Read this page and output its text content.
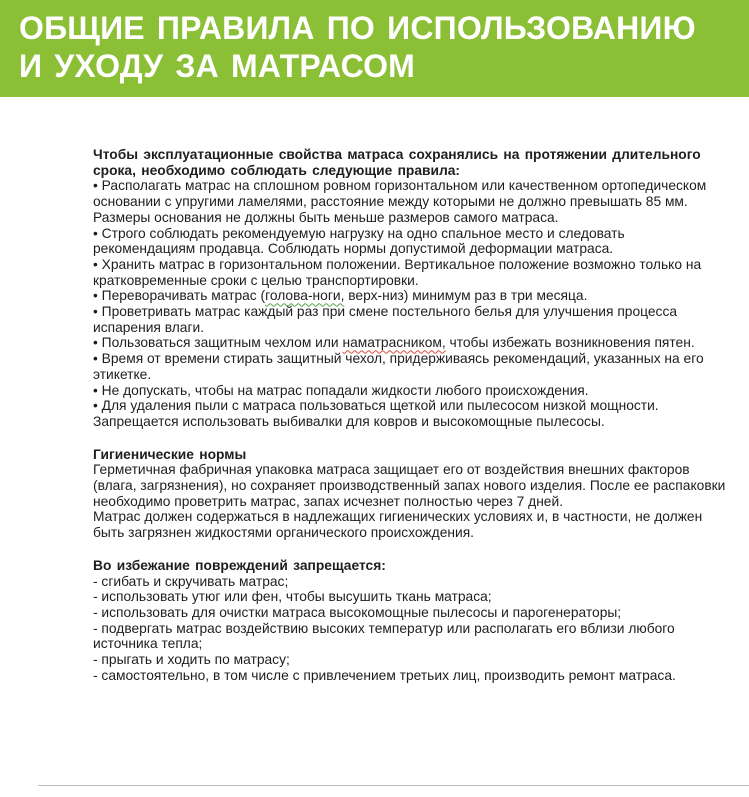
ОБЩИЕ ПРАВИЛА ПО ИСПОЛЬЗОВАНИЮ
И УХОДУ ЗА МАТРАСОМ
Чтобы эксплуатационные свойства матраса сохранялись на протяжении длительного
срока, необходимо соблюдать следующие правила:
• Располагать матрас на сплошном ровном горизонтальном или качественном ортопедическом
основании с упругими ламелями, расстояние между которыми не должно превышать 85 мм.
Размеры основания не должны быть меньше размеров самого матраса.
• Строго соблюдать рекомендуемую нагрузку на одно спальное место и следовать
рекомендациям продавца. Соблюдать нормы допустимой деформации матраса.
• Хранить матрас в горизонтальном положении. Вертикальное положение возможно только на
кратковременные сроки с целью транспортировки.
• Переворачивать матрас (голова-ноги, верх-низ) минимум раз в три месяца.
• Проветривать матрас каждый раз при смене постельного белья для улучшения процесса
испарения влаги.
• Пользоваться защитным чехлом или наматрасником, чтобы избежать возникновения пятен.
• Время от времени стирать защитный чехол, придерживаясь рекомендаций, указанных на его
этикетке.
• Не допускать, чтобы на матрас попадали жидкости любого происхождения.
• Для удаления пыли с матраса пользоваться щеткой или пылесосом низкой мощности.
Запрещается использовать выбивалки для ковров и высокомощные пылесосы.
Гигиенические нормы
Герметичная фабричная упаковка матраса защищает его от воздействия внешних факторов
(влага, загрязнения), но сохраняет производственный запах нового изделия. После ее распаковки
необходимо проветрить матрас, запах исчезнет полностью через 7 дней.
Матрас должен содержаться в надлежащих гигиенических условиях и, в частности, не должен
быть загрязнен жидкостями органического происхождения.
Во избежание повреждений запрещается:
- сгибать и скручивать матрас;
- использовать утюг или фен, чтобы высушить ткань матраса;
- использовать для очистки матраса высокомощные пылесосы и парогенераторы;
- подвергать матрас воздействию высоких температур или располагать его вблизи любого
источника тепла;
- прыгать и ходить по матрасу;
- самостоятельно, в том числе с привлечением третьих лиц, производить ремонт матраса.
